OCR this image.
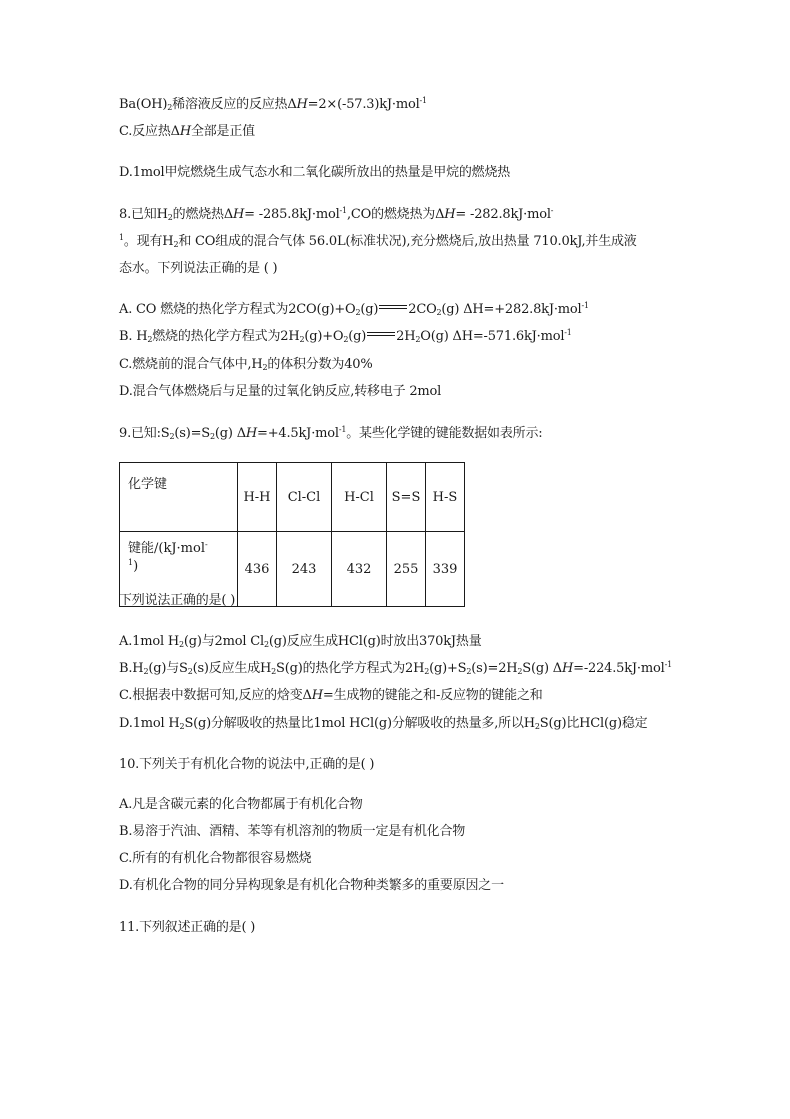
$Ba(OH)_2$稀溶液反应的反应热ΔH=2×(-57.3)kJ·mol$^{-1}$
C.反应热ΔH全部是正值
D.1mol甲烷燃烧生成气态水和二氧化碳所放出的热量是甲烷的燃烧热
8.已知$H_2$的燃烧热ΔH= -285.8kJ·mol$^{-1}$,CO的燃烧热为ΔH= -282.8kJ·mol-
$^1$。现有$H_2$和 CO组成的混合气体 56.0L(标准状况),充分燃烧后,放出热量 710.0kJ,并生成液
态水。下列说法正确的是 ( )
A. CO 燃烧的热化学方程式为$2CO(g)+O_2(g)$ $2CO_2(g)$ ΔH=+282.8kJ·mol$^{-1}$
B. $H_2$燃烧的热化学方程式为$2H_2(g)+O_2(g)$ $2H_2O(g)$ ΔH=-571.6kJ·mol$^{-1}$
C.燃烧前的混合气体中$,H_2$的体积分数为40%
D.混合气体燃烧后与足量的过氧化钠反应,转移电子 2mol
9.已知$:S_2(s)=S_2(g)$ ΔH=+4.5kJ·mol$^{-1}$。某些化学键的键能数据如表所示:
化学键	H-H	Cl-Cl	H-Cl	S=S	H-S
键能/(kJ·mol-
$^1$)	436	243	432	255	339
下列说法正确的是( )
A.1mol $H_2(g)$与2mol $Cl_2(g)$反应生成HCl(g)时放出370kJ热量
$B.H_2(g)$与$S_2(s)$反应生成$H_2S(g)$的热化学方程式为$2H_2(g)+S_2(s)=2H_2S(g)$ ΔH=-224.5kJ·mol$^{-1}$
C.根据表中数据可知,反应的焓变ΔH=生成物的键能之和-反应物的键能之和
D.1mol $H_2S(g)$分解吸收的热量比1mol HCl(g)分解吸收的热量多,所以$H_2S(g)$比HCl(g)稳定
10.下列关于有机化合物的说法中,正确的是( )
A.凡是含碳元素的化合物都属于有机化合物
B.易溶于汽油、酒精、苯等有机溶剂的物质一定是有机化合物
C.所有的有机化合物都很容易燃烧
D.有机化合物的同分异构现象是有机化合物种类繁多的重要原因之一
11.下列叙述正确的是( )
